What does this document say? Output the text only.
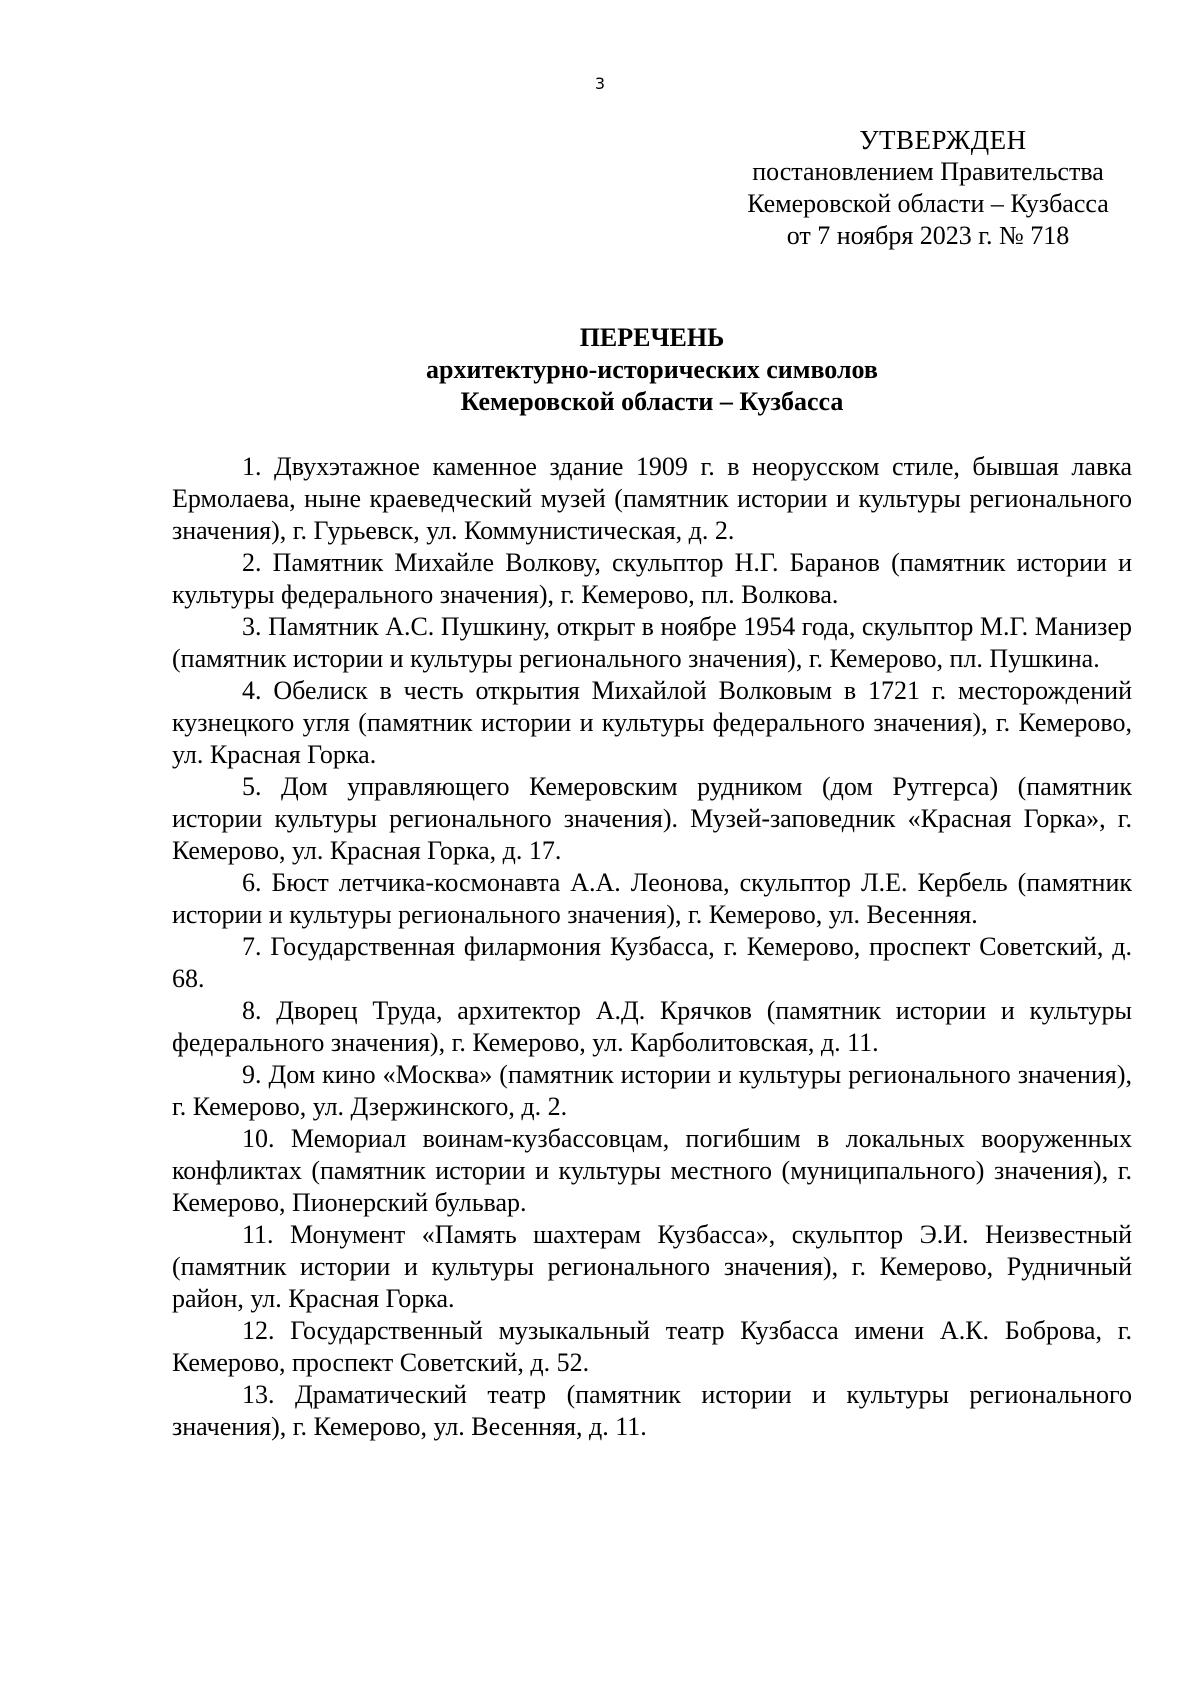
3
УТВЕРЖДЕН
постановлением Правительства
Кемеровской области – Кузбасса
от 7 ноября 2023 г. № 718
ПЕРЕЧЕНЬ
архитектурно-исторических символов
Кемеровской области – Кузбасса

1. Двухэтажное каменное здание 1909 г. в неорусском стиле, бывшая лавка Ермолаева, ныне краеведческий музей (памятник истории и культуры регионального значения), г. Гурьевск, ул. Коммунистическая, д. 2.

2. Памятник Михайле Волкову, скульптор Н.Г. Баранов (памятник истории и культуры федерального значения), г. Кемерово, пл. Волкова.

3. Памятник А.С. Пушкину, открыт в ноябре 1954 года, скульптор М.Г. Манизер (памятник истории и культуры регионального значения), г. Кемерово, пл. Пушкина.

4. Обелиск в честь открытия Михайлой Волковым в 1721 г. месторождений кузнецкого угля (памятник истории и культуры федерального значения), г. Кемерово, ул. Красная Горка.

5. Дом управляющего Кемеровским рудником (дом Рутгерса) (памятник истории культуры регионального значения). Музей-заповедник «Красная Горка», г. Кемерово, ул. Красная Горка, д. 17.

6. Бюст летчика-космонавта А.А. Леонова, скульптор Л.Е. Кербель (памятник истории и культуры регионального значения), г. Кемерово, ул. Весенняя.

7. Государственная филармония Кузбасса, г. Кемерово, проспект Советский, д. 68.

8. Дворец Труда, архитектор А.Д. Крячков (памятник истории и культуры федерального значения), г. Кемерово, ул. Карболитовская, д. 11.

9. Дом кино «Москва» (памятник истории и культуры регионального значения), г. Кемерово, ул. Дзержинского, д. 2.

10. Мемориал воинам-кузбассовцам, погибшим в локальных вооруженных конфликтах (памятник истории и культуры местного (муниципального) значения), г. Кемерово, Пионерский бульвар.

11. Монумент «Память шахтерам Кузбасса», скульптор Э.И. Неизвестный (памятник истории и культуры регионального значения), г. Кемерово, Рудничный район, ул. Красная Горка.

12. Государственный музыкальный театр Кузбасса имени А.К. Боброва, г. Кемерово, проспект Советский, д. 52.

13. Драматический театр (памятник истории и культуры регионального значения), г. Кемерово, ул. Весенняя, д. 11.
